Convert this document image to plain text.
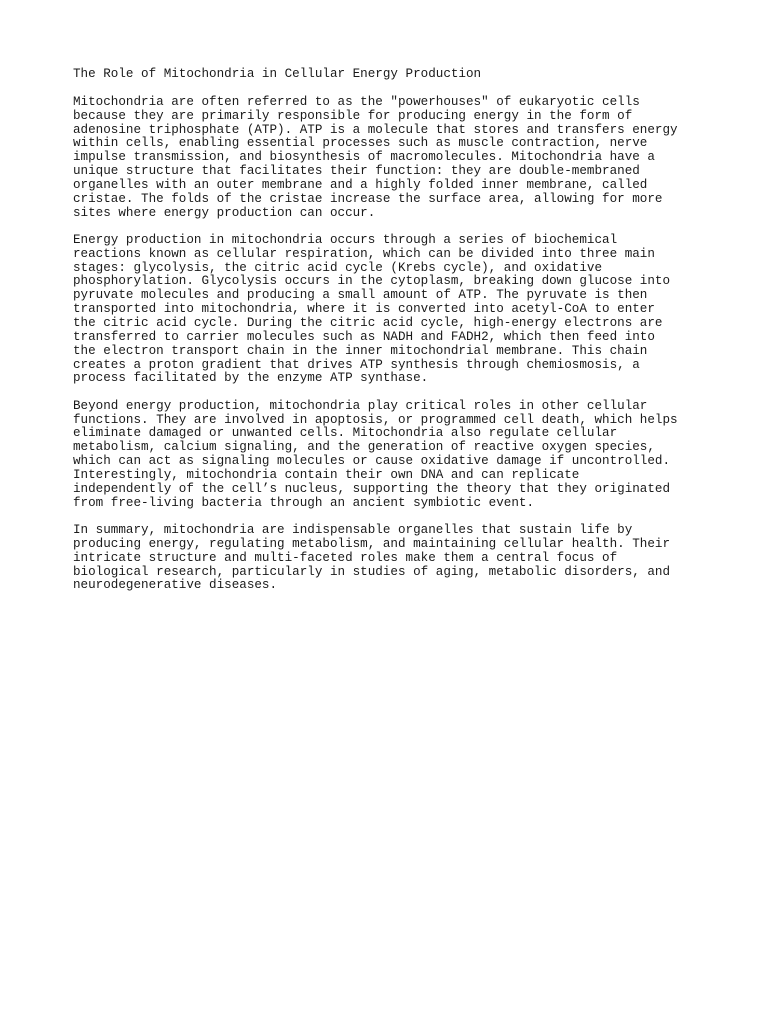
The Role of Mitochondria in Cellular Energy Production
Mitochondria are often referred to as the "powerhouses" of eukaryotic cells
because they are primarily responsible for producing energy in the form of
adenosine triphosphate (ATP). ATP is a molecule that stores and transfers energy
within cells, enabling essential processes such as muscle contraction, nerve
impulse transmission, and biosynthesis of macromolecules. Mitochondria have a
unique structure that facilitates their function: they are double-membraned
organelles with an outer membrane and a highly folded inner membrane, called
cristae. The folds of the cristae increase the surface area, allowing for more
sites where energy production can occur.
Energy production in mitochondria occurs through a series of biochemical
reactions known as cellular respiration, which can be divided into three main
stages: glycolysis, the citric acid cycle (Krebs cycle), and oxidative
phosphorylation. Glycolysis occurs in the cytoplasm, breaking down glucose into
pyruvate molecules and producing a small amount of ATP. The pyruvate is then
transported into mitochondria, where it is converted into acetyl-CoA to enter
the citric acid cycle. During the citric acid cycle, high-energy electrons are
transferred to carrier molecules such as NADH and FADH2, which then feed into
the electron transport chain in the inner mitochondrial membrane. This chain
creates a proton gradient that drives ATP synthesis through chemiosmosis, a
process facilitated by the enzyme ATP synthase.
Beyond energy production, mitochondria play critical roles in other cellular
functions. They are involved in apoptosis, or programmed cell death, which helps
eliminate damaged or unwanted cells. Mitochondria also regulate cellular
metabolism, calcium signaling, and the generation of reactive oxygen species,
which can act as signaling molecules or cause oxidative damage if uncontrolled.
Interestingly, mitochondria contain their own DNA and can replicate
independently of the cell’s nucleus, supporting the theory that they originated
from free-living bacteria through an ancient symbiotic event.
In summary, mitochondria are indispensable organelles that sustain life by
producing energy, regulating metabolism, and maintaining cellular health. Their
intricate structure and multi-faceted roles make them a central focus of
biological research, particularly in studies of aging, metabolic disorders, and
neurodegenerative diseases.
